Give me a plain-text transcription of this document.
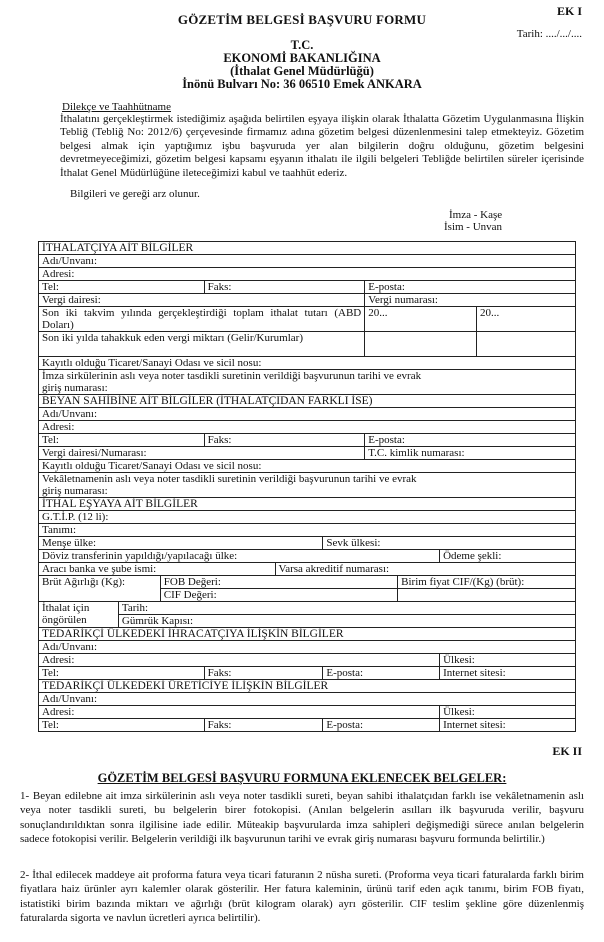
EK I
GÖZETİM BELGESİ BAŞVURU FORMU
Tarih: ..../.../....
T.C.
EKONOMİ BAKANLIĞINA
(İthalat Genel Müdürlüğü)
İnönü Bulvarı No: 36 06510 Emek ANKARA
Dilekçe ve Taahhütname
İthalatını gerçekleştirmek istediğimiz aşağıda belirtilen eşyaya ilişkin olarak İthalatta Gözetim Uygulanmasına İlişkin Tebliğ (Tebliğ No: 2012/6) çerçevesinde firmamız adına gözetim belgesi düzenlenmesini talep etmekteyiz. Gözetim belgesi almak için yaptığımız işbu başvuruda yer alan bilgilerin doğru olduğunu, gözetim belgesini devretmeyeceğimizi, gözetim belgesi kapsamı eşyanın ithalatı ile ilgili belgeleri Tebliğde belirtilen süreler içerisinde İthalat Genel Müdürlüğüne ileteceğimizi kabul ve taahhüt ederiz.
Bilgileri ve gereği arz olunur.
İmza - Kaşe
İsim - Unvan
İTHALATÇIYA AİT BİLGİLER									
Adı/Unvanı:									
Adresi:									
Tel:			Faks:			E-posta:			
Vergi dairesi:						Vergi numarası:			
Son iki takvim yılında gerçekleştirdiği toplam ithalat tutarı (ABD Doları)						20...			20...
Son iki yılda tahakkuk eden vergi miktarı (Gelir/Kurumlar)									
Kayıtlı olduğu Ticaret/Sanayi Odası ve sicil nosu:									
İmza sirkülerinin aslı veya noter tasdikli suretinin verildiği başvurunun tarihi ve evrak giriş numarası:									
BEYAN SAHİBİNE AİT BİLGİLER (İTHALATÇIDAN FARKLI İSE)									
Adı/Unvanı:									
Adresi:									
Tel:			Faks:			E-posta:			
Vergi dairesi/Numarası:						T.C. kimlik numarası:			
Kayıtlı olduğu Ticaret/Sanayi Odası ve sicil nosu:									
Vekâletnamenin aslı veya noter tasdikli suretinin verildiği başvurunun tarihi ve evrak giriş numarası:									
İTHAL EŞYAYA AİT BİLGİLER									
G.T.İ.P. (12 li):									
Tanımı:									
Menşe ülke:					Sevk ülkesi:				
Döviz transferinin yapıldığı/yapılacağı ülke:								Ödeme şekli:	
Aracı banka ve şube ismi:				Varsa akreditif numarası:					
Brüt Ağırlığı (Kg):		FOB Değeri:					Birim fiyat CIF/(Kg) (brüt):		
		CIF Değeri:							
İthalat için öngörülen	Tarih:								
	Gümrük Kapısı:								
TEDARİKÇİ ÜLKEDEKİ İHRACATÇIYA İLİŞKİN BİLGİLER									
Adı/Unvanı:									
Adresi:								Ülkesi:	
Tel:			Faks:		E-posta:			Internet sitesi:	
TEDARİKÇİ ÜLKEDEKİ ÜRETİCİYE İLİŞKİN BİLGİLER									
Adı/Unvanı:									
Adresi:								Ülkesi:	
Tel:			Faks:		E-posta:			Internet sitesi:	
EK II
GÖZETİM BELGESİ BAŞVURU FORMUNA EKLENECEK BELGELER:
1- Beyan edilebne ait imza sirkülerinin aslı veya noter tasdikli sureti, beyan sahibi ithalatçıdan farklı ise vekâletnamenin aslı veya noter tasdikli sureti, bu belgelerin birer fotokopisi. (Anılan belgelerin asılları ilk başvuruda verilir, başvuru sonuçlandırıldıktan sonra ilgilisine iade edilir. Müteakip başvurularda imza sahipleri değişmediği sürece anılan belgelerin sadece fotokopisi verilir. Belgelerin verildiği ilk başvurunun tarihi ve evrak giriş numarası başvuru formunda belirtilir.)
2- İthal edilecek maddeye ait proforma fatura veya ticari faturanın 2 nüsha sureti. (Proforma veya ticari faturalarda farklı birim fiyatlara haiz ürünler ayrı kalemler olarak gösterilir. Her fatura kaleminin, ürünü tarif eden açık tanımı, birim FOB fiyatı, istatistiki birim bazında miktarı ve ağırlığı (brüt kilogram olarak) ayrı gösterilir. CIF teslim şekline göre düzenlenmiş faturalarda sigorta ve navlun ücretleri ayrıca belirtilir).
